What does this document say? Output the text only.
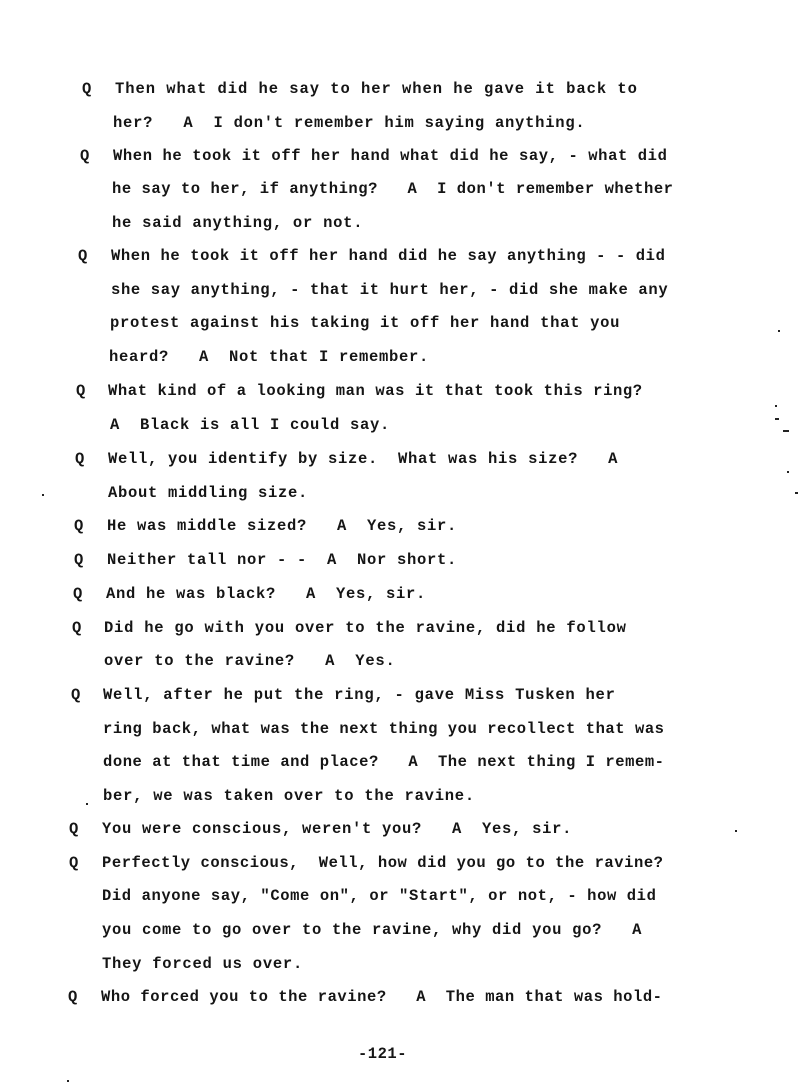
Q Then what did he say to her when he gave it back to
her?   A  I don't remember him saying anything.
Q When he took it off her hand what did he say, - what did
he say to her, if anything?   A  I don't remember whether
he said anything, or not.
Q When he took it off her hand did he say anything - - did
she say anything, - that it hurt her, - did she make any
protest against his taking it off her hand that you
heard?   A  Not that I remember.
Q What kind of a looking man was it that took this ring?
A  Black is all I could say.
Q Well, you identify by size.  What was his size?   A
About middling size.
Q He was middle sized?   A  Yes, sir.
Q Neither tall nor - -  A  Nor short.
Q And he was black?   A  Yes, sir.
Q Did he go with you over to the ravine, did he follow
over to the ravine?   A  Yes.
Q Well, after he put the ring, - gave Miss Tusken her
ring back, what was the next thing you recollect that was
done at that time and place?   A  The next thing I remem-
ber, we was taken over to the ravine.
Q You were conscious, weren't you?   A  Yes, sir.
Q Perfectly conscious,  Well, how did you go to the ravine?
Did anyone say, "Come on", or "Start", or not, - how did
you come to go over to the ravine, why did you go?   A
They forced us over.
Q Who forced you to the ravine?   A  The man that was hold-
-121-
